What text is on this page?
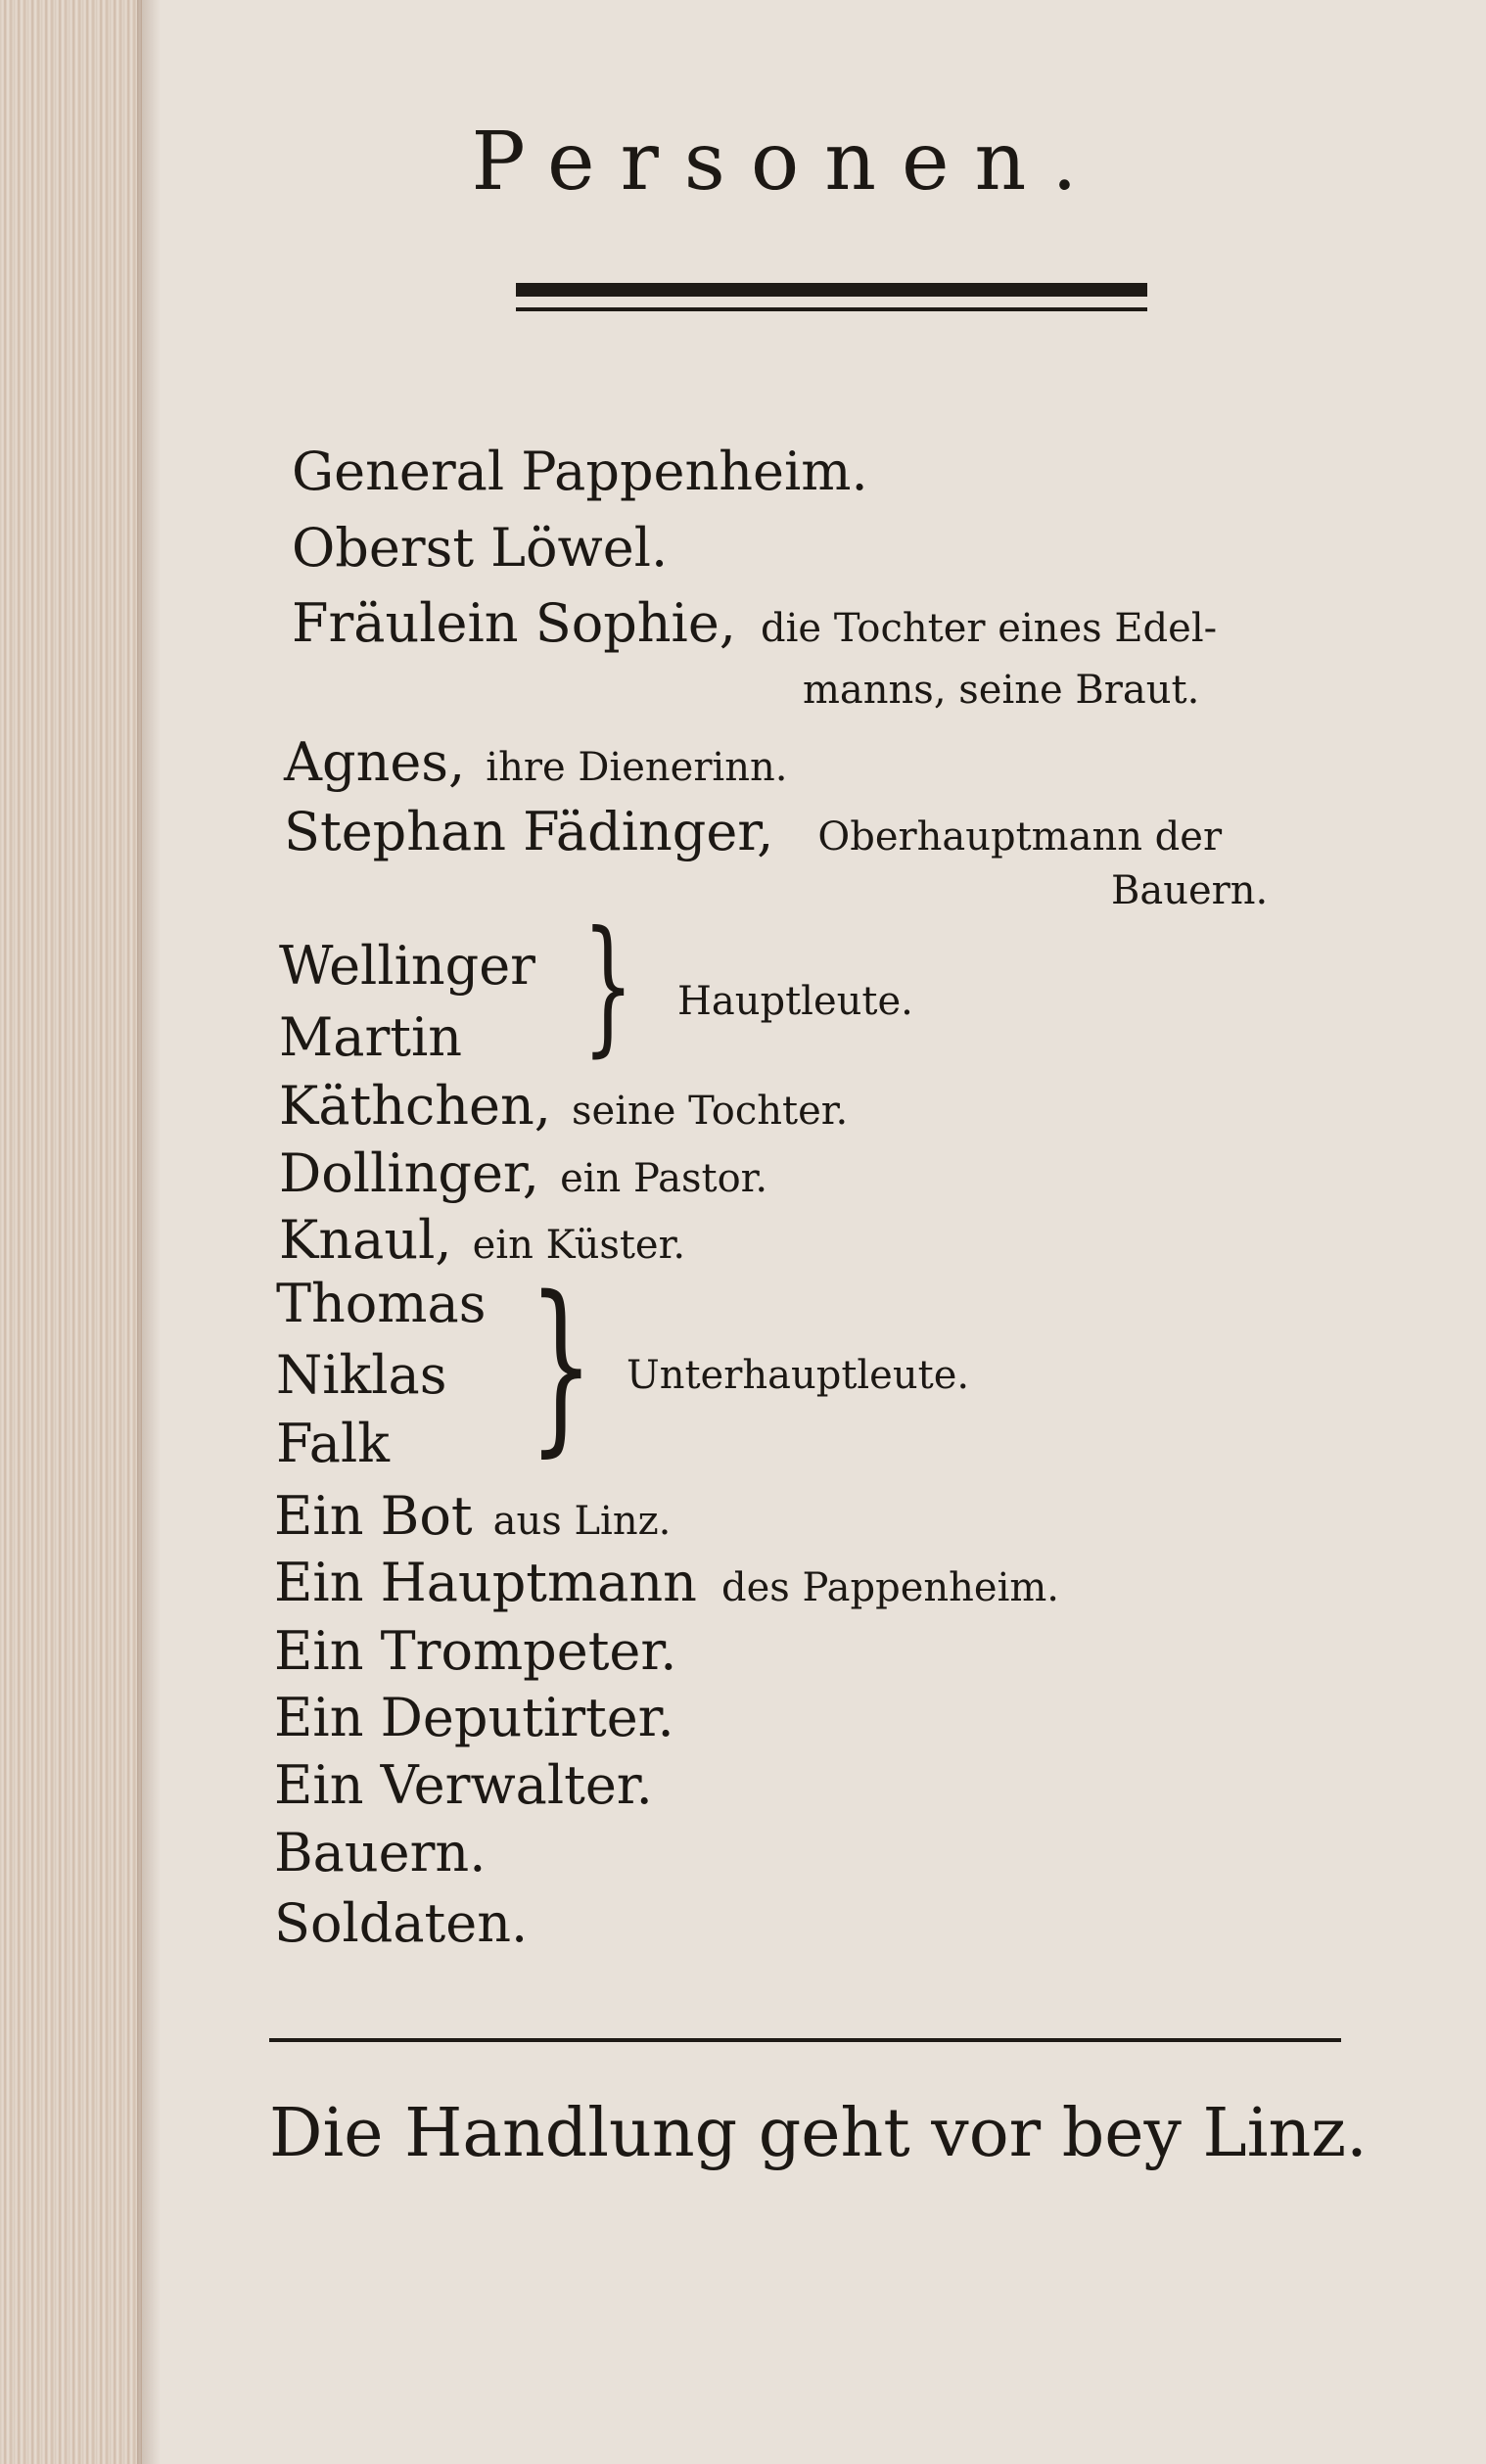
Personen.
General Pappenheim.
Oberst Löwel.
Fräulein Sophie, die Tochter eines Edel-
manns, seine Braut.
Agnes, ihre Dienerinn.
Stephan Fädinger, Oberhauptmann der
Bauern.
Wellinger
Martin } Hauptleute.
Käthchen, seine Tochter.
Dollinger, ein Pastor.
Knaul, ein Küster.
Thomas
Niklas
Falk } Unterhauptleute.
Ein Bot aus Linz.
Ein Hauptmann des Pappenheim.
Ein Trompeter.
Ein Deputirter.
Ein Verwalter.
Bauern.
Soldaten.
Die Handlung geht vor bey Linz.
